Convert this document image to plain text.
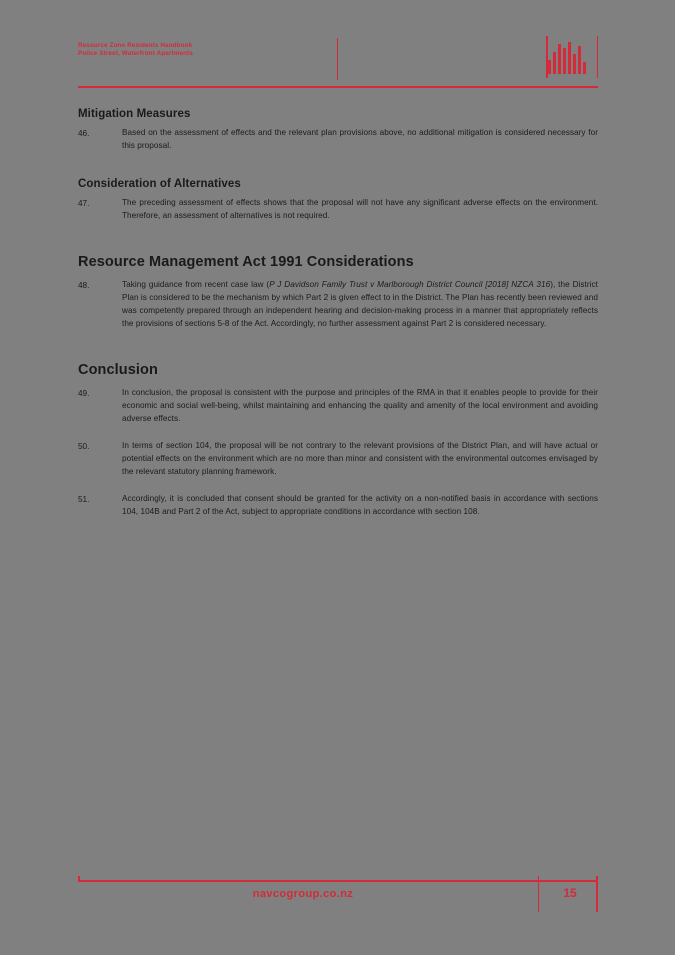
Resource Zone Residents Handbook
Police Street, Waterfront Apartments
Mitigation Measures
46.	Based on the assessment of effects and the relevant plan provisions above, no additional mitigation is considered necessary for this proposal.
Consideration of Alternatives
47.	The preceding assessment of effects shows that the proposal will not have any significant adverse effects on the environment. Therefore, an assessment of alternatives is not required.
Resource Management Act 1991 Considerations
48.	Taking guidance from recent case law (P J Davidson Family Trust v Marlborough District Council [2018] NZCA 316), the District Plan is considered to be the mechanism by which Part 2 is given effect to in the District. The Plan has recently been reviewed and was competently prepared through an independent hearing and decision-making process in a manner that appropriately reflects the provisions of sections 5-8 of the Act. Accordingly, no further assessment against Part 2 is considered necessary.
Conclusion
49.	In conclusion, the proposal is consistent with the purpose and principles of the RMA in that it enables people to provide for their economic and social well-being, whilst maintaining and enhancing the quality and amenity of the local environment and avoiding adverse effects.
50.	In terms of section 104, the proposal will be not contrary to the relevant provisions of the District Plan, and will have actual or potential effects on the environment which are no more than minor and consistent with the environmental outcomes envisaged by the relevant statutory planning framework.
51.	Accordingly, it is concluded that consent should be granted for the activity on a non-notified basis in accordance with sections 104, 104B and Part 2 of the Act, subject to appropriate conditions in accordance with section 108.
navcogroup.co.nz	15
